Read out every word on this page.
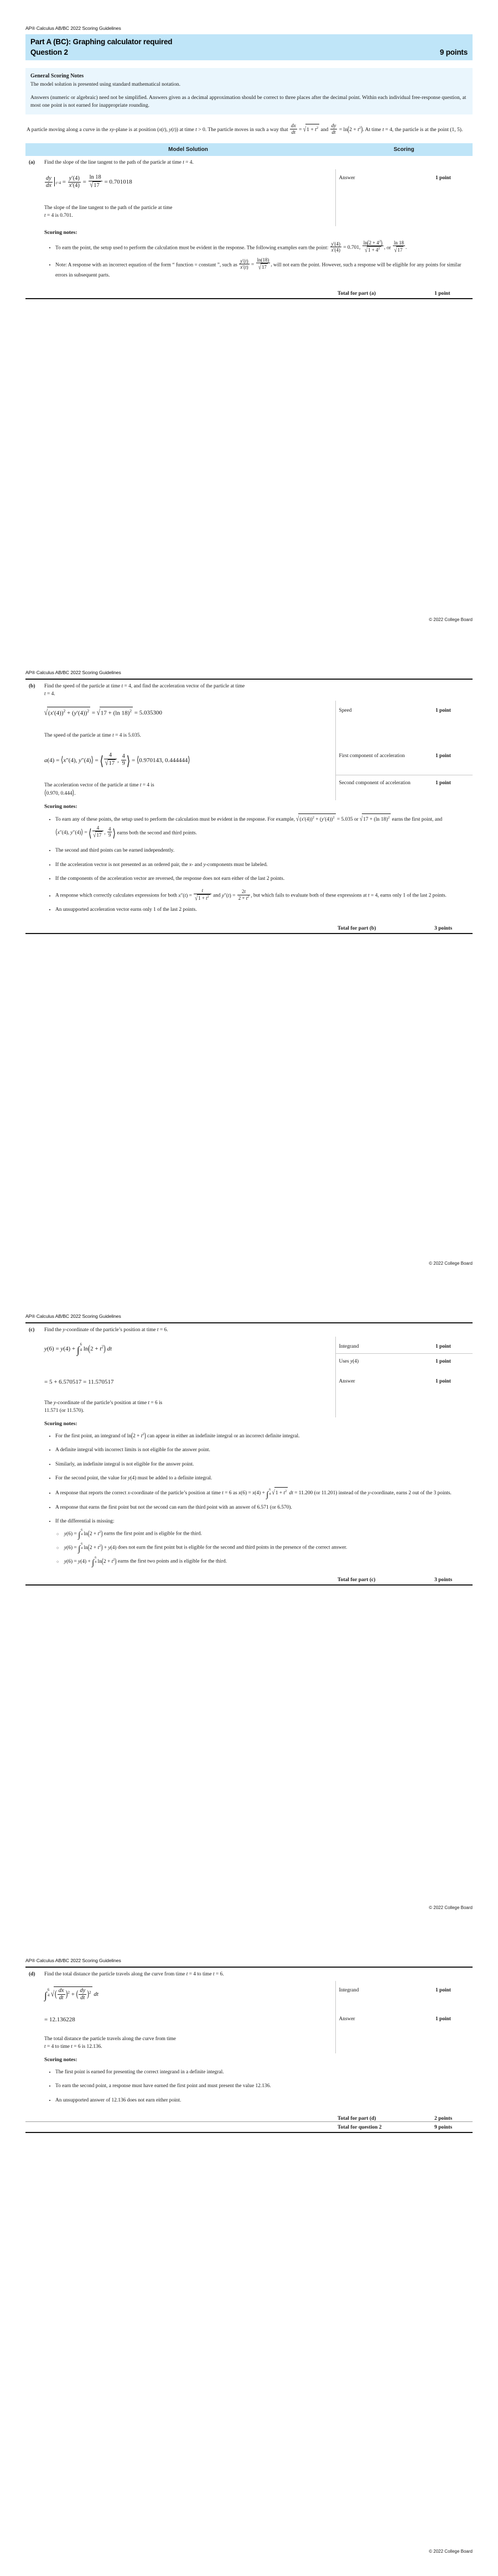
AP® Calculus AB/BC 2022 Scoring Guidelines
Part A (BC): Graphing calculator required
Question 2	9 points
General Scoring Notes

The model solution is presented using standard mathematical notation.

Answers (numeric or algebraic) need not be simplified. Answers given as a decimal approximation should be correct to three places after the decimal point. Within each individual free-response question, at most one point is not earned for inappropriate rounding.

A particle moving along a curve in the xy‑plane is at position (x(t), y(t)) at time t > 0. The particle moves in such a way that $\frac{dx}{dt} = √1 + t^2$ and $\frac{dy}{dt} = \ln(2 + t^2)$. At time t = 4, the particle is at the point (1, 5).
	Model Solution	Scoring	
(a)	Find the slope of the line tangent to the path of the particle at time t = 4.		

$\frac{dy}{dx}$
$t=4 = \frac{y'(4)}{x'(4)} = \frac{\ln 18}{√17} = 0.701018$	Answer	1 point
	The slope of the line tangent to the path of the particle at time
t = 4 is 0.701.		

Scoring notes:
• To earn the point, the setup used to perform the calculation must be evident in the response. The following examples earn the point: $\frac{y'(4)}{x'(4)} = 0.701$, $\frac{\ln(2 + 4^2)}{√1 + 4^2}$ , or $\frac{\ln 18}{√17}$ .
• Note: A response with an incorrect equation of the form “ function = constant ”, such as $\frac{y'(t)}{x'(t)} = \frac{\ln(18)}{√17}$ , will not earn the point. However, such a response will be eligible for any points for similar errors in subsequent parts.
Total for part (a)	1 point
© 2022 College Board
AP® Calculus AB/BC 2022 Scoring Guidelines
(b)	Find the speed of the particle at time t = 4, and find the acceleration vector of the particle at time
t = 4.		
	$√(x'(4))^2 + (y'(4))^2 = √17 + (\ln$ 18)$^2$ = 5.035300	Speed	1 point
	The speed of the particle at time t = 4 is 5.035.		
	a(4) = ⟨x″(4), y″(4)⟩ = ⟨ $\frac{4}{√17}$ , $\frac{4}{9}$ ⟩ = ⟨0.970143, 0.444444⟩
The acceleration vector of the particle at time t = 4 is
⟨0.970, 0.444⟩.
	First component of acceleration	1 point
		Second component of acceleration	1 point

Scoring notes:
• To earn any of these points, the setup used to perform the calculation must be evident in the response. For example, $√(x'(4))^2 + (y'(4))^2 = 5.035$ or √17 + (ln 18)$^2$ earns the first point, and ⟨x″(4), y″(4)⟩ = ⟨ $\frac{4}{√17}$ , $\frac{4}{9}$ ⟩ earns both the second and third points.
• The second and third points can be earned independently.
• If the acceleration vector is not presented as an ordered pair, the x‑ and y‑components must be labeled.
• If the components of the acceleration vector are reversed, the response does not earn either of the last 2 points.
• A response which correctly calculates expressions for both $x''(t) = \frac{t}{√1 + t^2}$ and $y''(t) = \frac{2t}{2 + t^2}$ , but which fails to evaluate both of these expressions at t = 4, earns only 1 of the last 2 points.
• An unsupported acceleration vector earns only 1 of the last 2 points.
Total for part (b)	3 points
© 2022 College Board
AP® Calculus AB/BC 2022 Scoring Guidelines
(c)	Find the y-coordinate of the particle’s position at time t = 6.		
	y(6) = y(4) + ∫ 6
4 $\ln(2 + t^2)$ dt	Integrand	1 point
		Uses y(4)	1 point
	= 5 + 6.570517 = 11.570517
The y‑coordinate of the particle’s position at time t = 6 is
11.571 (or 11.570).	Answer	1 point

Scoring notes:
• For the first point, an integrand of $\ln(2 + t^2)$ can appear in either an indefinite integral or an incorrect definite integral.
• A definite integral with incorrect limits is not eligible for the answer point.
• Similarly, an indefinite integral is not eligible for the answer point.
• For the second point, the value for y(4) must be added to a definite integral.
• A response that reports the correct x‑coordinate of the particle’s position at time t = 6 as x(6) = x(4) + ∫
6
4 $√1 + t^2$ dt = 11.200 (or 11.201) instead of the y‑coordinate, earns 2 out of the 3 points.
• A response that earns the first point but not the second can earn the third point with an answer of 6.571 (or 6.570).
• If the differential is missing:
○ y(6) = ∫
6
4 $\ln(2 + t^2)$ earns the first point and is eligible for the third.
○ y(6) = ∫
6
4 $\ln(2 + t^2) + y(4)$ does not earn the first point but is eligible for the second and third points in the presence of the correct answer.
○ y(6) = y(4) + ∫
6
4 $\ln(2 + t^2)$ earns the first two points and is eligible for the third.
Total for part (c)	3 points
© 2022 College Board
AP® Calculus AB/BC 2022 Scoring Guidelines
(d)	Find the total distance the particle travels along the curve from time t = 4 to time t = 6.		
	∫ 6
4 √( $\frac{dx}{dt} )^2$ + ( $\frac{dy}{dt} )^2$ dt	Integrand	1 point
	= 12.136228
The total distance the particle travels along the curve from time
t = 4 to time t = 6 is 12.136.	Answer	1 point

Scoring notes:
• The first point is earned for presenting the correct integrand in a definite integral.
• To earn the second point, a response must have earned the first point and must present the value 12.136.
• An unsupported answer of 12.136 does not earn either point.
Total for part (d)	2 points
Total for question 2	9 points
© 2022 College Board
